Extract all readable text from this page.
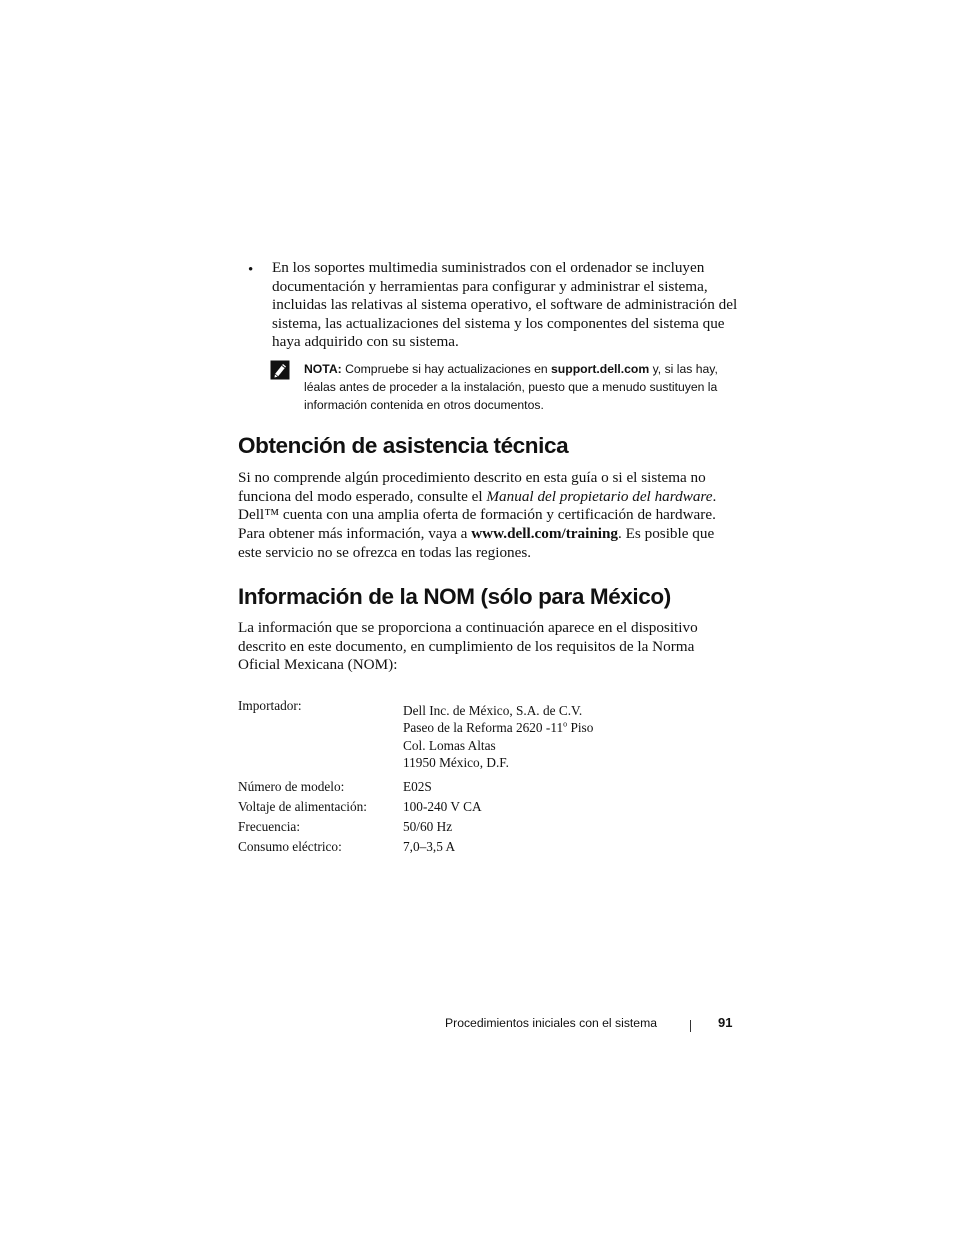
• En los soportes multimedia suministrados con el ordenador se incluyen documentación y herramientas para configurar y administrar el sistema, incluidas las relativas al sistema operativo, el software de administración del sistema, las actualizaciones del sistema y los componentes del sistema que haya adquirido con su sistema.
NOTA: Compruebe si hay actualizaciones en support.dell.com y, si las hay, léalas antes de proceder a la instalación, puesto que a menudo sustituyen la información contenida en otros documentos.
Obtención de asistencia técnica
Si no comprende algún procedimiento descrito en esta guía o si el sistema no funciona del modo esperado, consulte el Manual del propietario del hardware. Dell™ cuenta con una amplia oferta de formación y certificación de hardware. Para obtener más información, vaya a www.dell.com/training. Es posible que este servicio no se ofrezca en todas las regiones.
Información de la NOM (sólo para México)
La información que se proporciona a continuación aparece en el dispositivo descrito en este documento, en cumplimiento de los requisitos de la Norma Oficial Mexicana (NOM):
Importador:	Dell Inc. de México, S.A. de C.V.
Paseo de la Reforma 2620 -11$^o$ Piso
Col. Lomas Altas
11950 México, D.F.
Número de modelo:	E02S
Voltaje de alimentación:	100-240 V CA
Frecuencia:	50/60 Hz
Consumo eléctrico:	7,0–3,5 A
Procedimientos iniciales con el sistema	91
